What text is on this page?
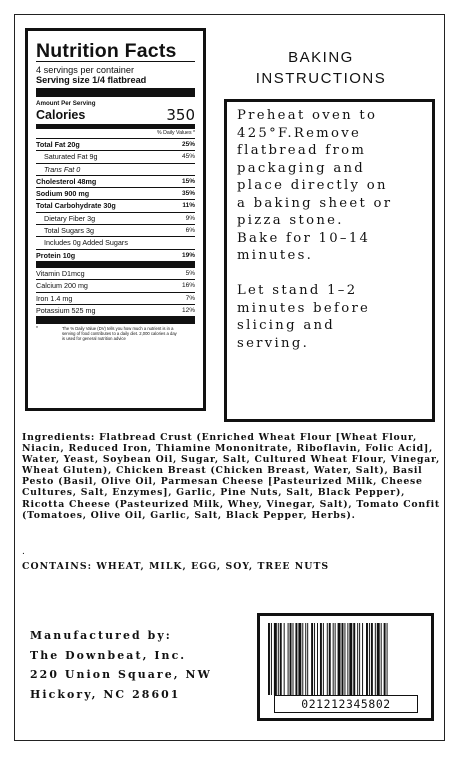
Nutrition Facts
4 servings per container
Serving size 1/4 flatbread
Amount Per Serving
Calories	350
% Daily Values *
Total Fat 20g	25%
Saturated Fat 9g	45%
Trans Fat 0
Cholesterol 48mg	15%
Sodium 900 mg	35%
Total Carbohydrate 30g	11%
Dietary Fiber 3g	9%
Total Sugars 3g	6%
Includes 0g Added Sugars
Protein 10g	19%
Vitamin D1mcg	5%
Calcium 200 mg	16%
Iron 1.4 mg	7%
Potassium 525 mg	12%
*	The % Daily Value (DV) tells you how much a nutrient is in a serving of food contributes to a daily diet. 2,000 calories a day is used for general nutrition advice
BAKING
INSTRUCTIONS
Preheat oven to
425°F.Remove
flatbread from
packaging and
place directly on
a baking sheet or
pizza stone.
Bake for 10–14
minutes.

Let stand 1–2
minutes before
slicing and
serving.
Ingredients: Flatbread Crust (Enriched Wheat Flour [Wheat Flour, Niacin, Reduced Iron, Thiamine Mononitrate, Riboflavin, Folic Acid], Water, Yeast, Soybean Oil, Sugar, Salt, Cultured Wheat Flour, Vinegar, Wheat Gluten), Chicken Breast (Chicken Breast, Water, Salt), Basil Pesto (Basil, Olive Oil, Parmesan Cheese [Pasteurized Milk, Cheese Cultures, Salt, Enzymes], Garlic, Pine Nuts, Salt, Black Pepper), Ricotta Cheese (Pasteurized Milk, Whey, Vinegar, Salt), Tomato Confit (Tomatoes, Olive Oil, Garlic, Salt, Black Pepper, Herbs).
.
CONTAINS: WHEAT, MILK, EGG, SOY, TREE NUTS
Manufactured by:
The Downbeat, Inc.
220 Union Square, NW
Hickory, NC 28601
021212345802
